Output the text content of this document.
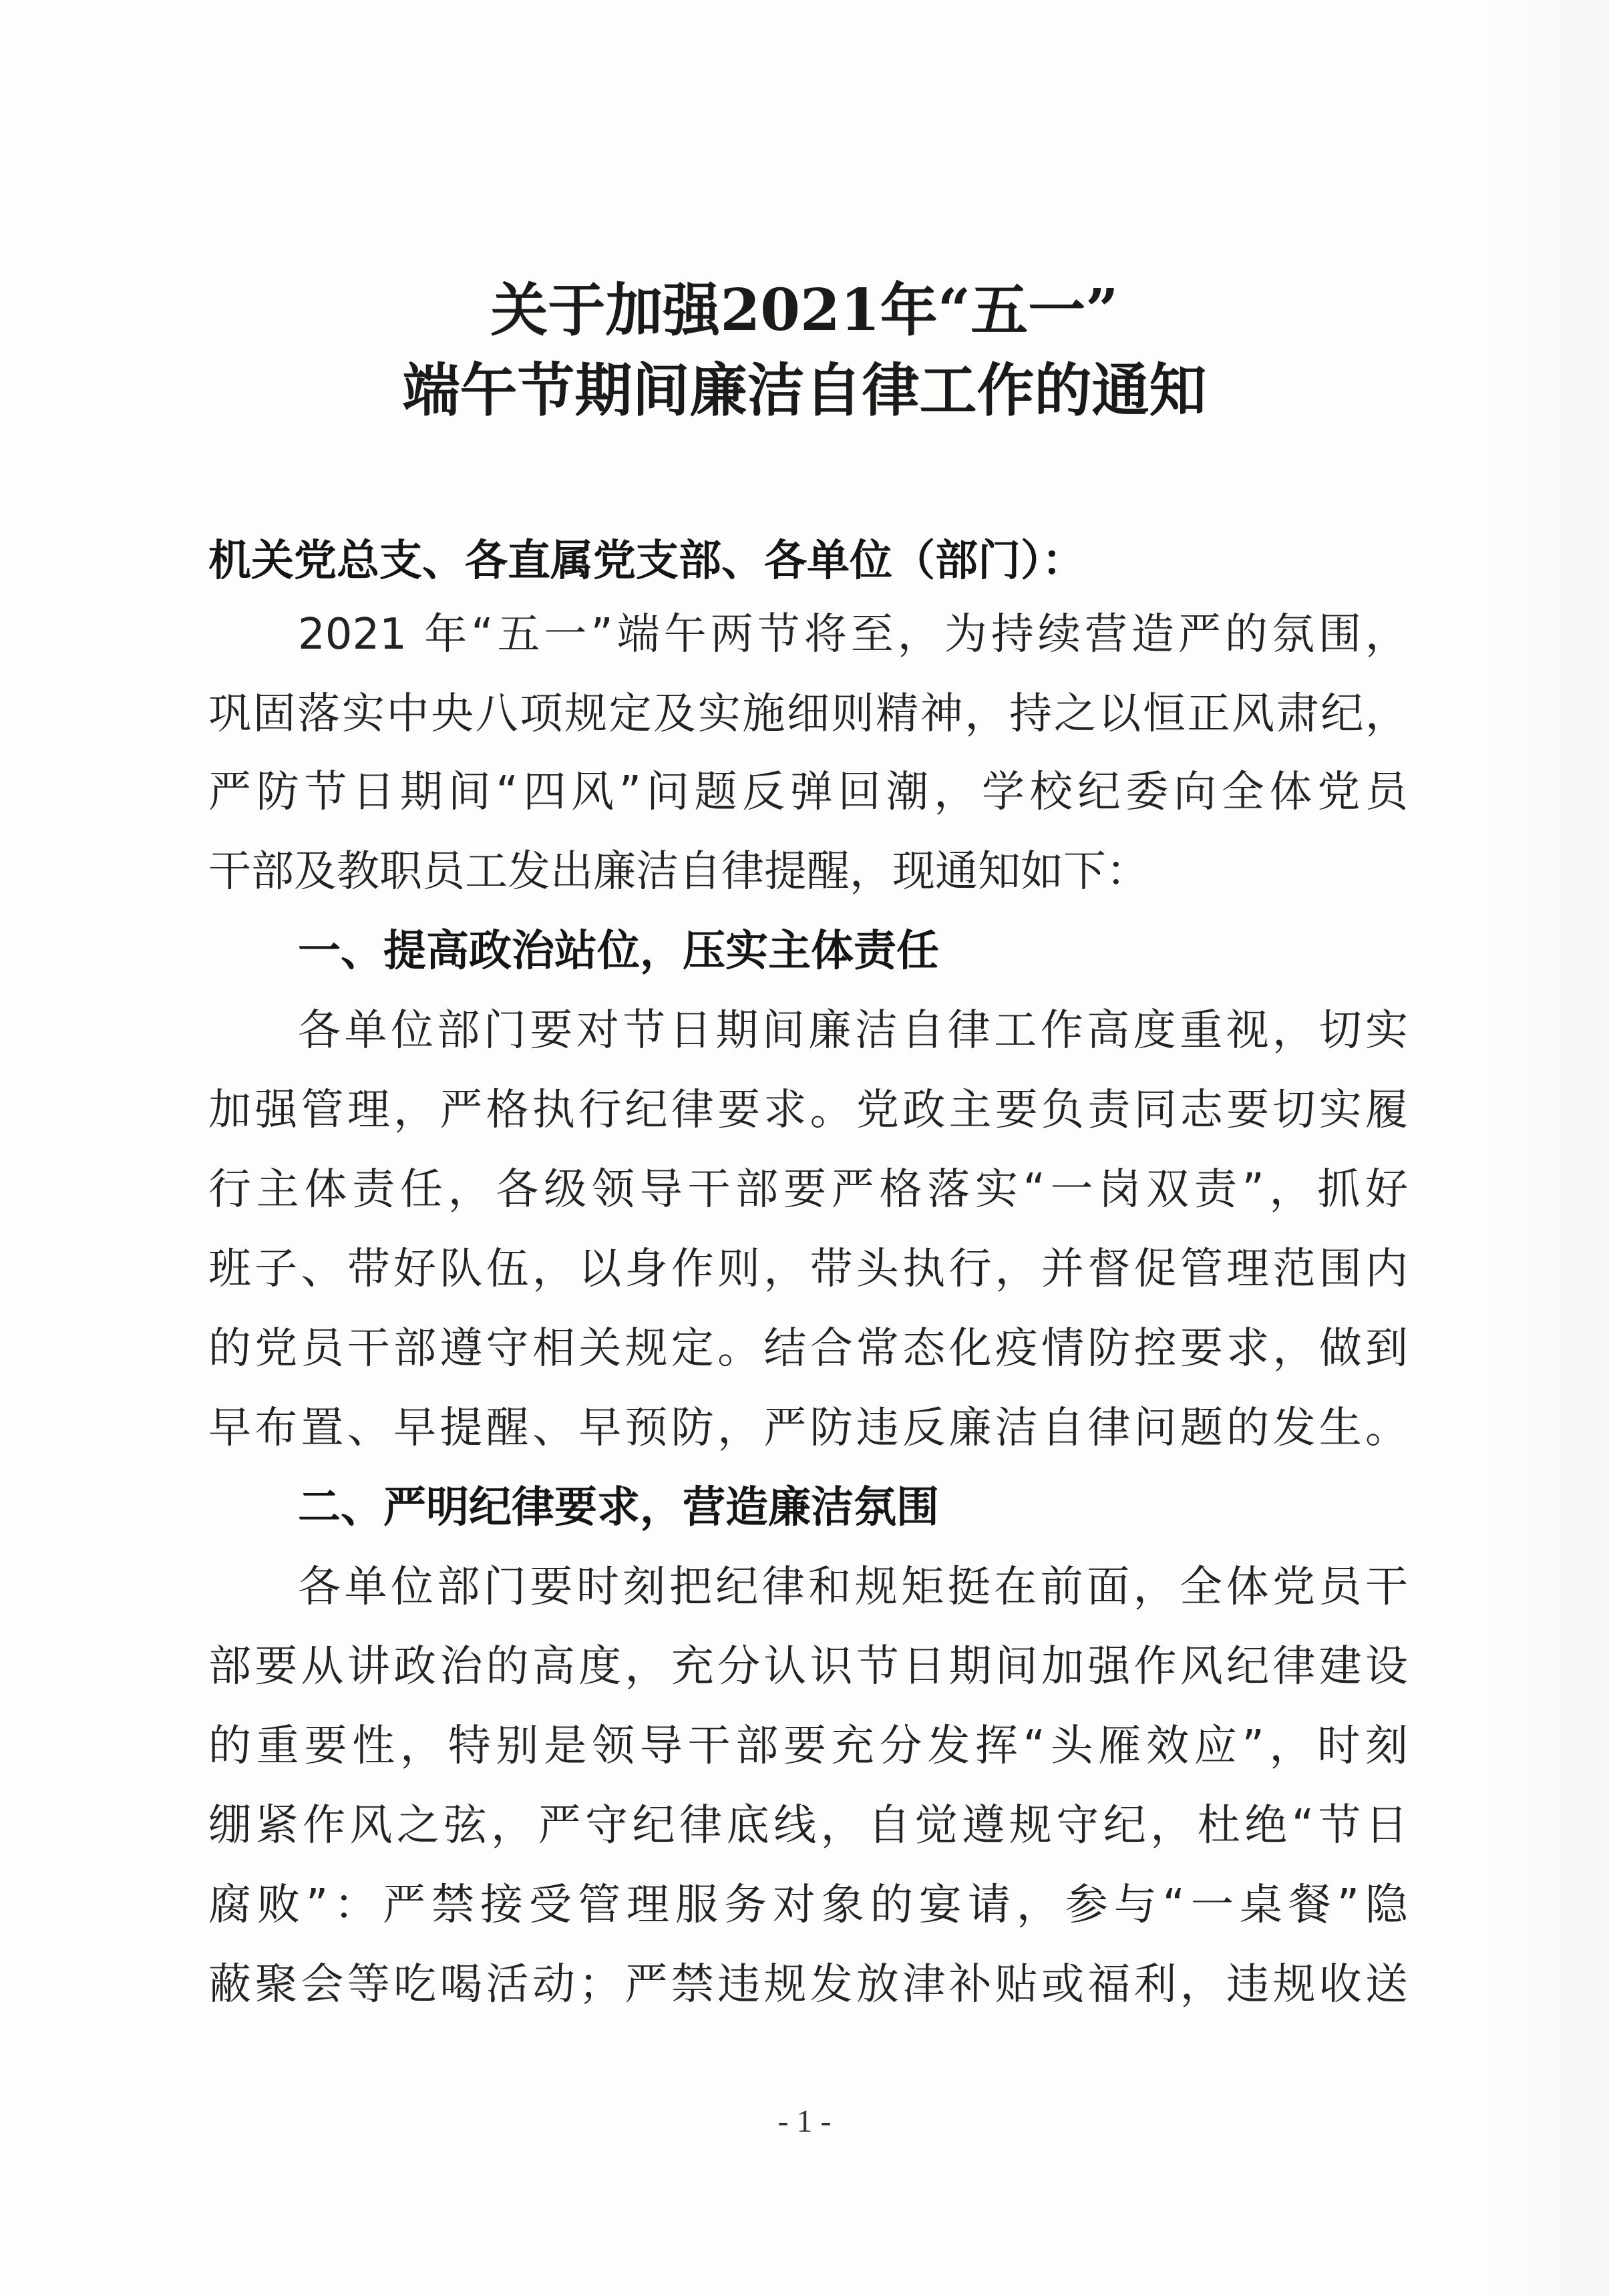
关于加强2021年“五一”
端午节期间廉洁自律工作的通知
机关党总支、各直属党支部、各单位（部门）：
2021 年“五一”端午两节将至，为持续营造严的氛围，
巩固落实中央八项规定及实施细则精神，持之以恒正风肃纪，
严防节日期间“四风”问题反弹回潮，学校纪委向全体党员
干部及教职员工发出廉洁自律提醒，现通知如下：
一、提高政治站位，压实主体责任
各单位部门要对节日期间廉洁自律工作高度重视，切实
加强管理，严格执行纪律要求。党政主要负责同志要切实履
行主体责任，各级领导干部要严格落实“一岗双责”，抓好
班子、带好队伍，以身作则，带头执行，并督促管理范围内
的党员干部遵守相关规定。结合常态化疫情防控要求，做到
早布置、早提醒、早预防，严防违反廉洁自律问题的发生。
二、严明纪律要求，营造廉洁氛围
各单位部门要时刻把纪律和规矩挺在前面，全体党员干
部要从讲政治的高度，充分认识节日期间加强作风纪律建设
的重要性，特别是领导干部要充分发挥“头雁效应”，时刻
绷紧作风之弦，严守纪律底线，自觉遵规守纪，杜绝“节日
腐败”：严禁接受管理服务对象的宴请，参与“一桌餐”隐
蔽聚会等吃喝活动；严禁违规发放津补贴或福利，违规收送
- 1 -
